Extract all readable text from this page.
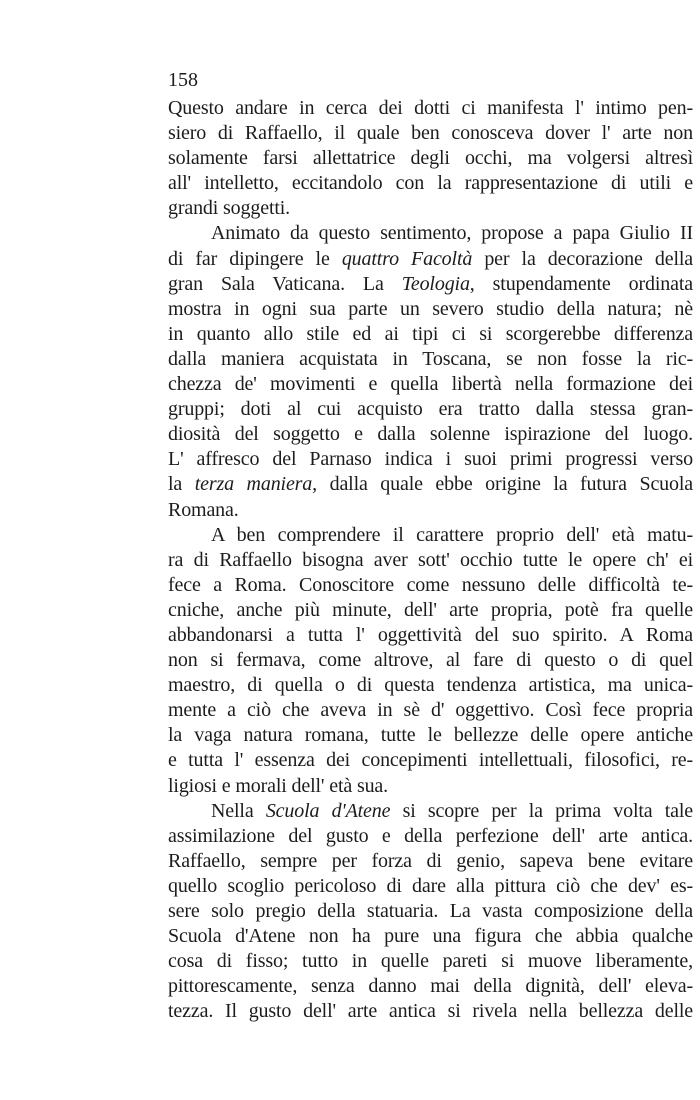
158
Questo andare in cerca dei dotti ci manifesta l' intimo pen-
siero di Raffaello, il quale ben conosceva dover l' arte non
solamente farsi allettatrice degli occhi, ma volgersi altresì
all' intelletto, eccitandolo con la rappresentazione di utili e
grandi soggetti.
Animato da questo sentimento, propose a papa Giulio II
di far dipingere le quattro Facoltà per la decorazione della
gran Sala Vaticana. La Teologia, stupendamente ordinata
mostra in ogni sua parte un severo studio della natura; nè
in quanto allo stile ed ai tipi ci si scorgerebbe differenza
dalla maniera acquistata in Toscana, se non fosse la ric-
chezza de' movimenti e quella libertà nella formazione dei
gruppi; doti al cui acquisto era tratto dalla stessa gran-
diosità del soggetto e dalla solenne ispirazione del luogo.
L' affresco del Parnaso indica i suoi primi progressi verso
la terza maniera, dalla quale ebbe origine la futura Scuola
Romana.
A ben comprendere il carattere proprio dell' età matu-
ra di Raffaello bisogna aver sott' occhio tutte le opere ch' ei
fece a Roma. Conoscitore come nessuno delle difficoltà te-
cniche, anche più minute, dell' arte propria, potè fra quelle
abbandonarsi a tutta l' oggettività del suo spirito. A Roma
non si fermava, come altrove, al fare di questo o di quel
maestro, di quella o di questa tendenza artistica, ma unica-
mente a ciò che aveva in sè d' oggettivo. Così fece propria
la vaga natura romana, tutte le bellezze delle opere antiche
e tutta l' essenza dei concepimenti intellettuali, filosofici, re-
ligiosi e morali dell' età sua.
Nella Scuola d'Atene si scopre per la prima volta tale
assimilazione del gusto e della perfezione dell' arte antica.
Raffaello, sempre per forza di genio, sapeva bene evitare
quello scoglio pericoloso di dare alla pittura ciò che dev' es-
sere solo pregio della statuaria. La vasta composizione della
Scuola d'Atene non ha pure una figura che abbia qualche
cosa di fisso; tutto in quelle pareti si muove liberamente,
pittorescamente, senza danno mai della dignità, dell' eleva-
tezza. Il gusto dell' arte antica si rivela nella bellezza delle
